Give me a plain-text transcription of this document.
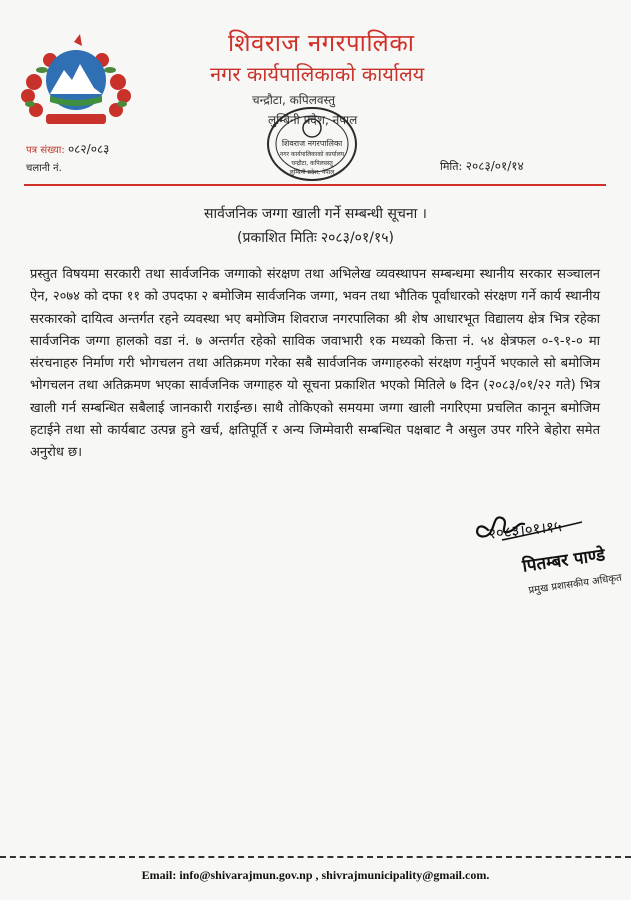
शिवराज नगरपालिका
नगर कार्यपालिकाको कार्यालय
चन्द्रौटा, कपिलवस्तु
लुम्बिनी प्रदेश, नेपाल
शिवराज नगरपालिका
नगर कार्यपालिकाको कार्यालय
चन्द्रौटा, कपिलवस्तु
लुम्बिनी प्रदेश, नेपाल
पत्र संख्या: ०८२/०८३
चलानी नं.	मिति: २०८३/०१/१४
सार्वजनिक जग्गा खाली गर्ने सम्बन्धी सूचना ।
(प्रकाशित मितिः २०८३/०१/१५)
प्रस्तुत विषयमा सरकारी तथा सार्वजनिक जग्गाको संरक्षण तथा अभिलेख व्यवस्थापन सम्बन्धमा स्थानीय सरकार सञ्चालन ऐन, २०७४ को दफा ११ को उपदफा २ बमोजिम सार्वजनिक जग्गा, भवन तथा भौतिक पूर्वाधारको संरक्षण गर्ने कार्य स्थानीय सरकारको दायित्व अन्तर्गत रहने व्यवस्था भए बमोजिम शिवराज नगरपालिका श्री शेष आधारभूत विद्यालय क्षेत्र भित्र रहेका सार्वजनिक जग्गा हालको वडा नं. ७ अन्तर्गत रहेको साविक जवाभारी १क मध्यको कित्ता नं. ५४ क्षेत्रफल ०-९-१-० मा संरचनाहरु निर्माण गरी भोगचलन तथा अतिक्रमण गरेका सबै सार्वजनिक जग्गाहरुको संरक्षण गर्नुपर्ने भएकाले सो बमोजिम भोगचलन तथा अतिक्रमण भएका सार्वजनिक जग्गाहरु यो सूचना प्रकाशित भएको मितिले ७ दिन (२०८३/०१/२२ गते) भित्र खाली गर्न सम्बन्धित सबैलाई जानकारी गराईन्छ। साथै तोकिएको समयमा जग्गा खाली नगरिएमा प्रचलित कानून बमोजिम हटाईने तथा सो कार्यबाट उत्पन्न हुने खर्च, क्षतिपूर्ति र अन्य जिम्मेवारी सम्बन्धित पक्षबाट नै असुल उपर गरिने बेहोरा समेत अनुरोध छ।
२०८३।०१।१५
पितम्बर पाण्डे
प्रमुख प्रशासकीय अधिकृत
Email: info@shivarajmun.gov.np , shivrajmunicipality@gmail.com.
